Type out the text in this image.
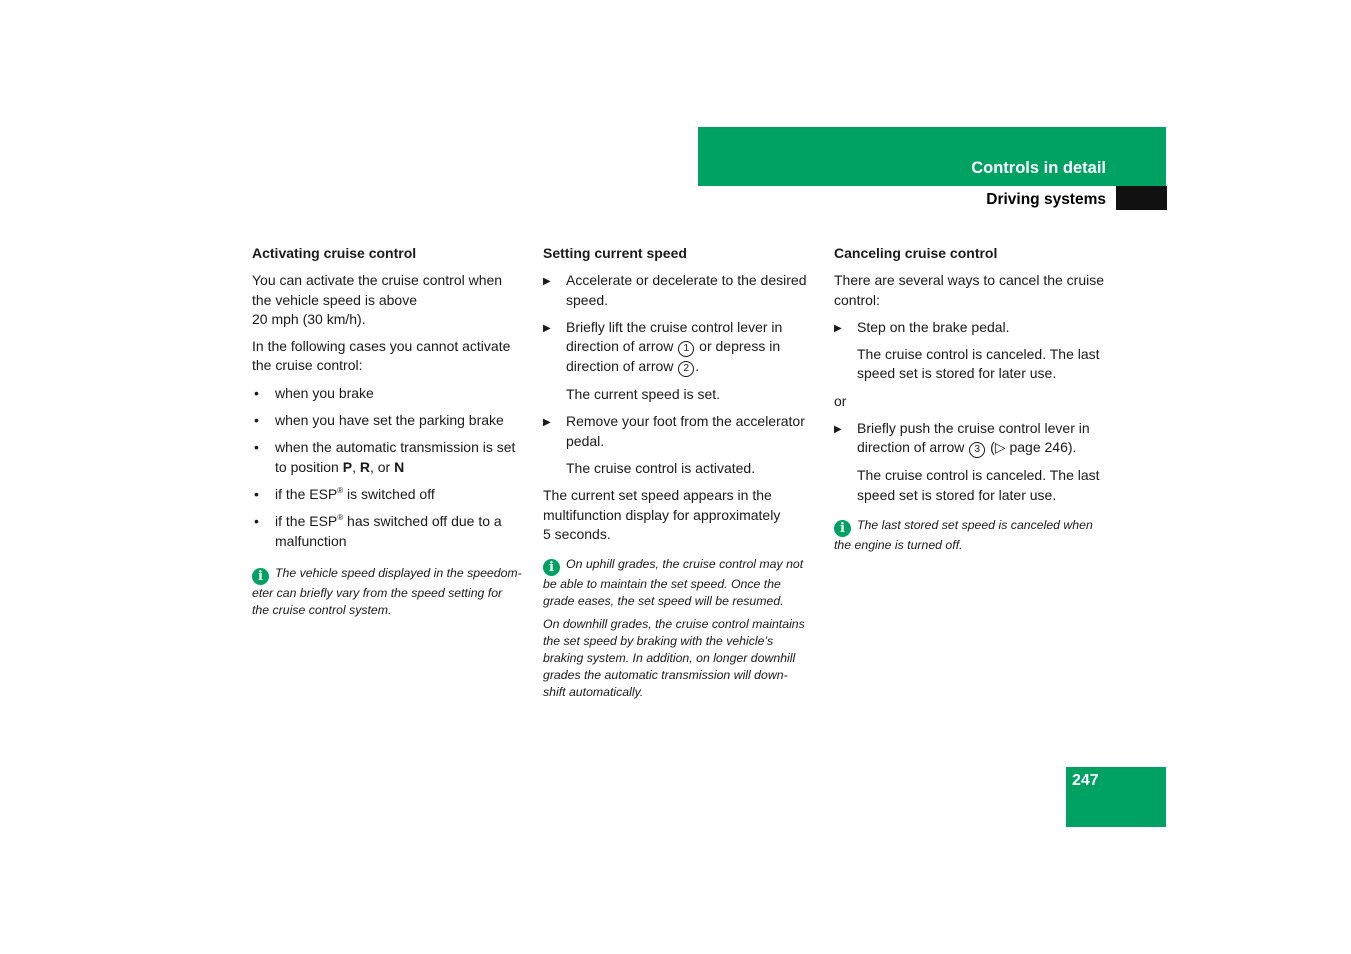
Controls in detail
Driving systems
Activating cruise control

You can activate the cruise control when
the vehicle speed is above
20 mph (30 km/h).

In the following cases you cannot activate
the cruise control:

• when you brake
• when you have set the parking brake
• when the automatic transmission is set
to position P, R, or N
• if the ESP® is switched off
• if the ESP® has switched off due to a
malfunction
i The vehicle speed displayed in the speedom-
eter can briefly vary from the speed setting for
the cruise control system.
Setting current speed
▶ Accelerate or decelerate to the desired
speed.
▶ Briefly lift the cruise control lever in
direction of arrow 1 or depress in
direction of arrow 2 .

The current speed is set.

▶ Remove your foot from the accelerator
pedal.

The cruise control is activated.

The current set speed appears in the
multifunction display for approximately
5 seconds.

i On uphill grades, the cruise control may not
be able to maintain the set speed. Once the
grade eases, the set speed will be resumed.
On downhill grades, the cruise control maintains
the set speed by braking with the vehicle’s
braking system. In addition, on longer downhill
grades the automatic transmission will down-
shift automatically.
Canceling cruise control

There are several ways to cancel the cruise
control:

▶ Step on the brake pedal.

The cruise control is canceled. The last
speed set is stored for later use.

or

▶ Briefly push the cruise control lever in
direction of arrow 3 (▷ page 246).

The cruise control is canceled. The last
speed set is stored for later use.

i The last stored set speed is canceled when
the engine is turned off.
247
